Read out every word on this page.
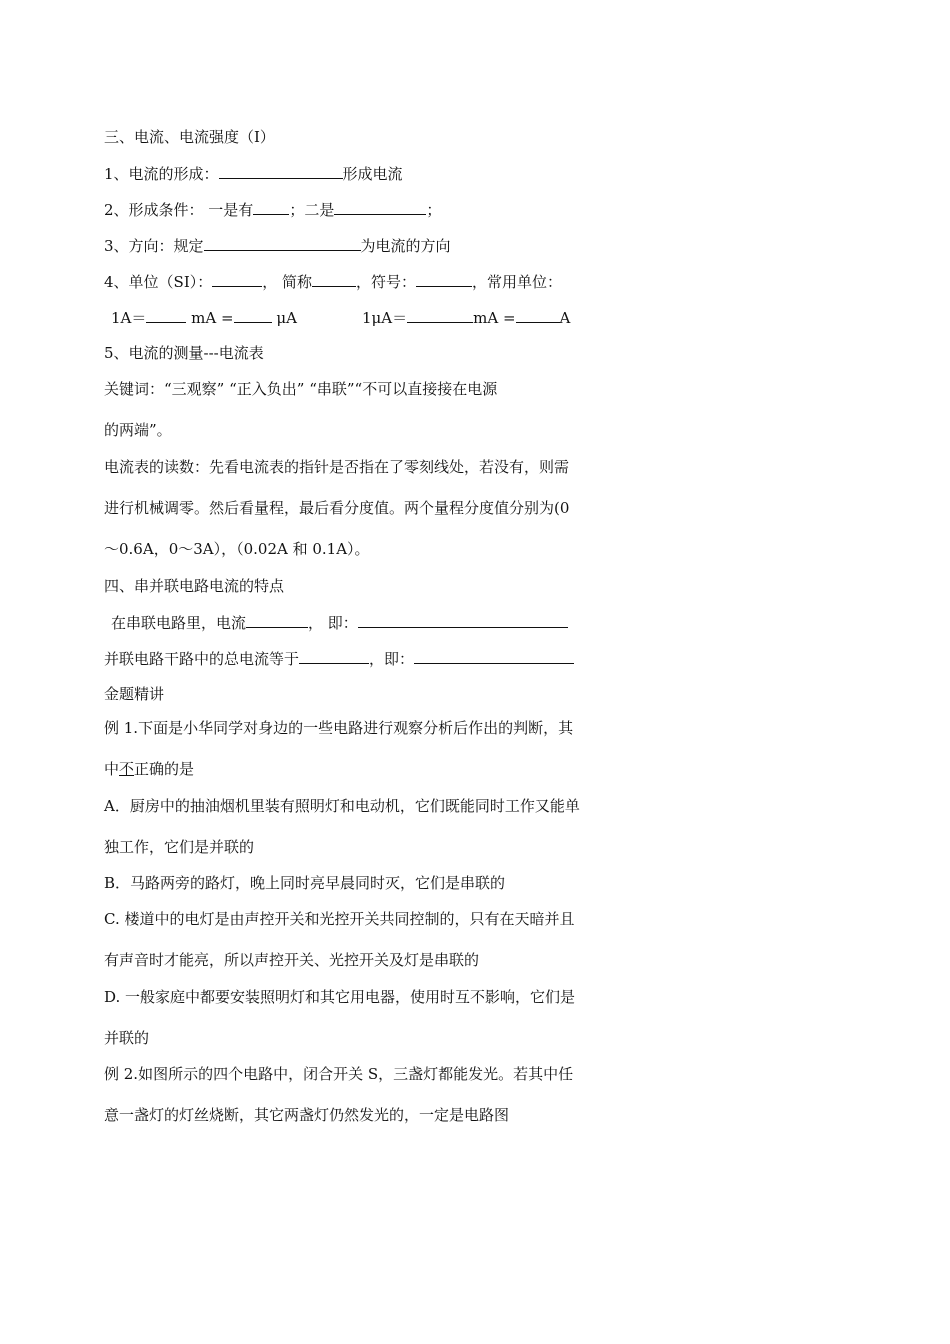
三、电流、电流强度（I）
1、电流的形成：	形成电流
2、形成条件： 一是有 ；二是	；
3、方向：规定	为电流的方向
4、单位（SI）：	， 简称	，符号：	，常用单位：
1A＝	mA =	μA	1μA＝	mA =	A
5、电流的测量---电流表
关键词：“三观察” “正入负出” “串联”“不可以直接接在电源
的两端”。
电流表的读数：先看电流表的指针是否指在了零刻线处，若没有，则需
进行机械调零。然后看量程，最后看分度值。两个量程分度值分别为(0
～0.6A，0～3A），（0.02A 和 0.1A）。
四、串并联电路电流的特点
在串联电路里，电流	， 即：
并联电路干路中的总电流等于	，即：
金题精讲
例 1.下面是小华同学对身边的一些电路进行观察分析后作出的判断，其
中不正确的是
A．厨房中的抽油烟机里装有照明灯和电动机，它们既能同时工作又能单
独工作，它们是并联的
B．马路两旁的路灯，晚上同时亮早晨同时灭，它们是串联的
C. 楼道中的电灯是由声控开关和光控开关共同控制的，只有在天暗并且
有声音时才能亮，所以声控开关、光控开关及灯是串联的
D. 一般家庭中都要安装照明灯和其它用电器，使用时互不影响，它们是
并联的
例 2.如图所示的四个电路中，闭合开关 S，三盏灯都能发光。若其中任
意一盏灯的灯丝烧断，其它两盏灯仍然发光的，一定是电路图
